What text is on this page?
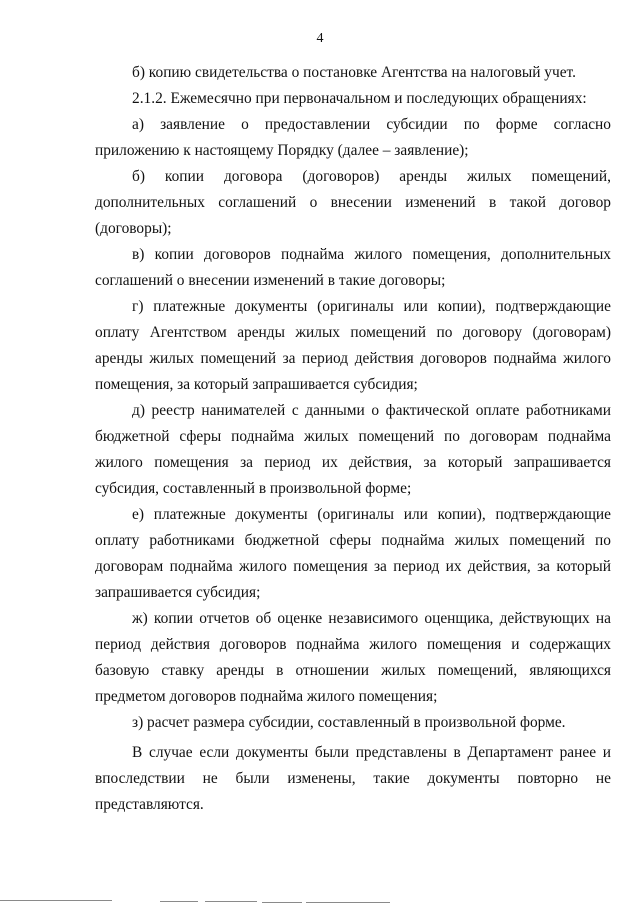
4

б) копию свидетельства о постановке Агентства на налоговый учет.

2.1.2. Ежемесячно при первоначальном и последующих обращениях:

а) заявление о предоставлении субсидии по форме согласно приложению к настоящему Порядку (далее – заявление);

б) копии договора (договоров) аренды жилых помещений, дополнительных соглашений о внесении изменений в такой договор (договоры);

в) копии договоров поднайма жилого помещения, дополнительных соглашений о внесении изменений в такие договоры;

г) платежные документы (оригиналы или копии), подтверждающие оплату Агентством аренды жилых помещений по договору (договорам) аренды жилых помещений за период действия договоров поднайма жилого помещения, за который запрашивается субсидия;

д) реестр нанимателей с данными о фактической оплате работниками бюджетной сферы поднайма жилых помещений по договорам поднайма жилого помещения за период их действия, за который запрашивается субсидия, составленный в произвольной форме;

е) платежные документы (оригиналы или копии), подтверждающие оплату работниками бюджетной сферы поднайма жилых помещений по договорам поднайма жилого помещения за период их действия, за который запрашивается субсидия;

ж) копии отчетов об оценке независимого оценщика, действующих на период действия договоров поднайма жилого помещения и содержащих базовую ставку аренды в отношении жилых помещений, являющихся предметом договоров поднайма жилого помещения;

з) расчет размера субсидии, составленный в произвольной форме.

В случае если документы были представлены в Департамент ранее и впоследствии не были изменены, такие документы повторно не представляются.
